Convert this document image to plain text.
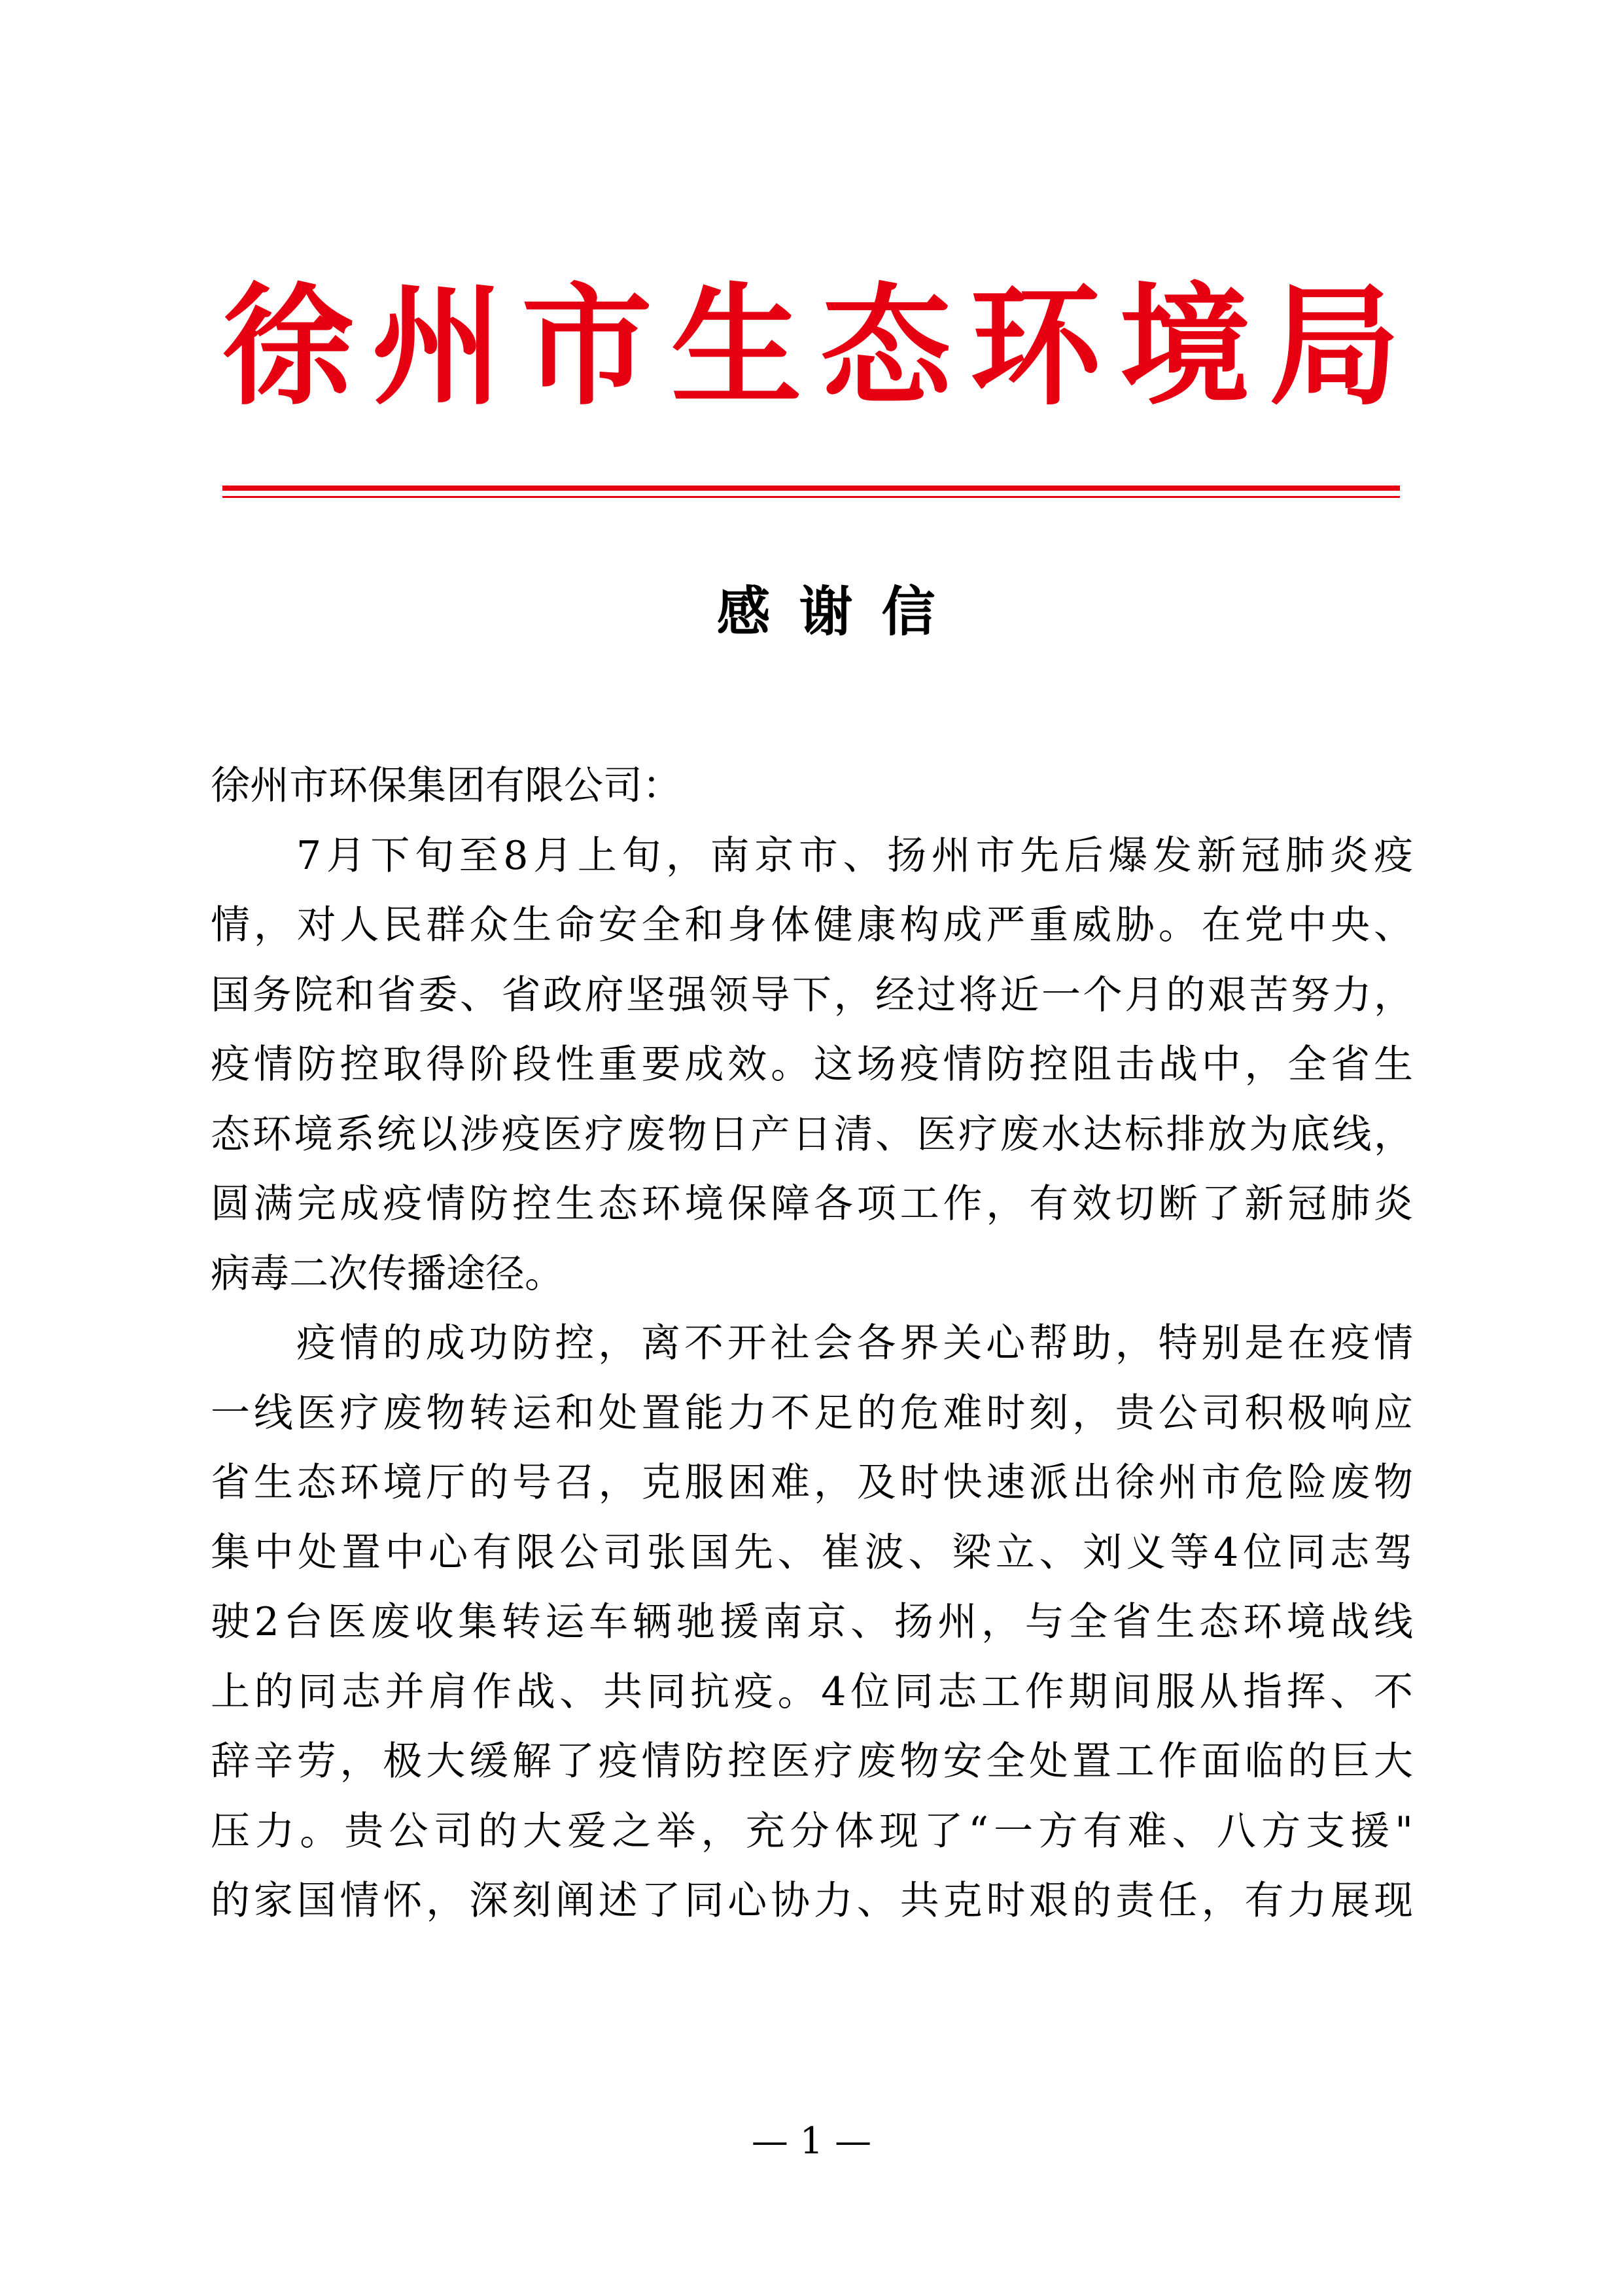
徐 州 市 生 态 环 境 局
感谢信

徐州市环保集团有限公司：

7月下旬至8月上旬，南京市、扬州市先后爆发新冠肺炎疫
情，对人民群众生命安全和身体健康构成严重威胁。在党中央、
国务院和省委、省政府坚强领导下，经过将近一个月的艰苦努力，
疫情防控取得阶段性重要成效。这场疫情防控阻击战中，全省生
态环境系统以涉疫医疗废物日产日清、医疗废水达标排放为底线，
圆满完成疫情防控生态环境保障各项工作，有效切断了新冠肺炎
病毒二次传播途径。

疫情的成功防控，离不开社会各界关心帮助，特别是在疫情
一线医疗废物转运和处置能力不足的危难时刻，贵公司积极响应
省生态环境厅的号召，克服困难，及时快速派出徐州市危险废物
集中处置中心有限公司张国先、崔波、梁立、刘义等4位同志驾
驶2台医废收集转运车辆驰援南京、扬州，与全省生态环境战线
上的同志并肩作战、共同抗疫。4位同志工作期间服从指挥、不
辞辛劳，极大缓解了疫情防控医疗废物安全处置工作面临的巨大
压力。贵公司的大爱之举，充分体现了“一方有难、八方支援"
的家国情怀，深刻阐述了同心协力、共克时艰的责任，有力展现

— 1 —
